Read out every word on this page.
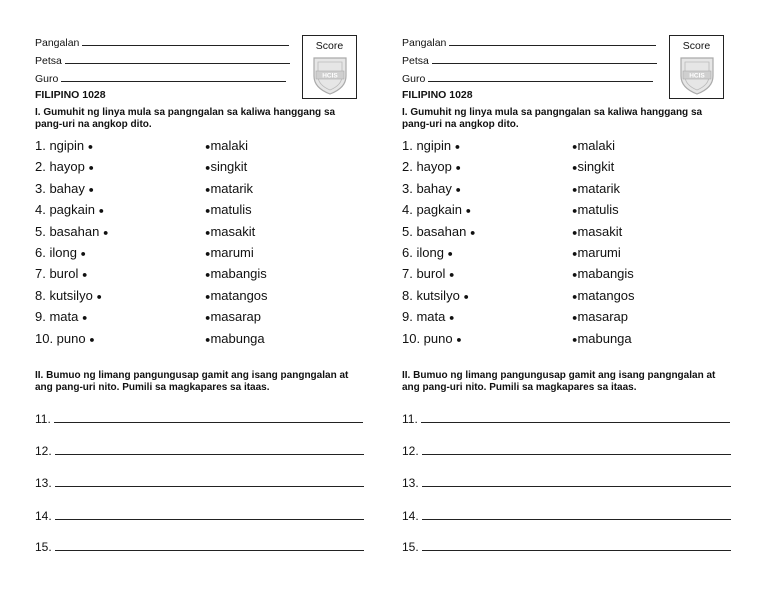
Pangalan
Petsa
Guro
FILIPINO 1028
Score
HCIS
I. Gumuhit ng linya mula sa pangngalan sa kaliwa hanggang sa pang-uri na angkop dito.
1. ngipin ●	●malaki
2. hayop ●	●singkit
3. bahay ●	●matarik
4. pagkain ●	●matulis
5. basahan ●	●masakit
6. ilong ●	●marumi
7. burol ●	●mabangis
8. kutsilyo ●	●matangos
9. mata ●	●masarap
10. puno ●	●mabunga
II. Bumuo ng limang pangungusap gamit ang isang pangngalan at ang pang-uri nito. Pumili sa magkapares sa itaas.
11.
12.
13.
14.
15.
Pangalan
Petsa
Guro
FILIPINO 1028
Score
HCIS
I. Gumuhit ng linya mula sa pangngalan sa kaliwa hanggang sa pang-uri na angkop dito.
1. ngipin ●	●malaki
2. hayop ●	●singkit
3. bahay ●	●matarik
4. pagkain ●	●matulis
5. basahan ●	●masakit
6. ilong ●	●marumi
7. burol ●	●mabangis
8. kutsilyo ●	●matangos
9. mata ●	●masarap
10. puno ●	●mabunga
II. Bumuo ng limang pangungusap gamit ang isang pangngalan at ang pang-uri nito. Pumili sa magkapares sa itaas.
11.
12.
13.
14.
15.
